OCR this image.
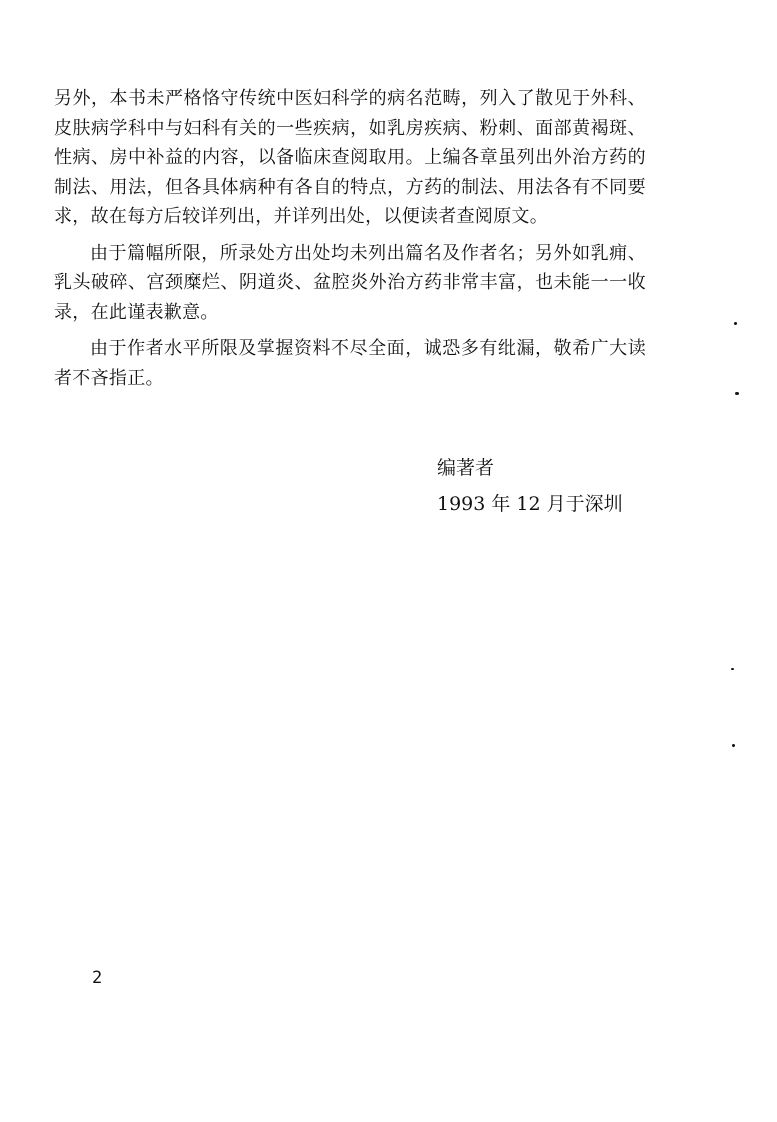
另外，本书未严格恪守传统中医妇科学的病名范畴，列入了散见于外科、皮肤病学科中与妇科有关的一些疾病，如乳房疾病、粉刺、面部黄褐斑、性病、房中补益的内容，以备临床查阅取用。上编各章虽列出外治方药的制法、用法，但各具体病种有各自的特点，方药的制法、用法各有不同要求，故在每方后较详列出，并详列出处，以便读者查阅原文。

由于篇幅所限，所录处方出处均未列出篇名及作者名；另外如乳痈、乳头破碎、宫颈糜烂、阴道炎、盆腔炎外治方药非常丰富，也未能一一收录，在此谨表歉意。

由于作者水平所限及掌握资料不尽全面，诚恐多有纰漏，敬希广大读者不吝指正。

编著者
1993 年 12 月于深圳
2
